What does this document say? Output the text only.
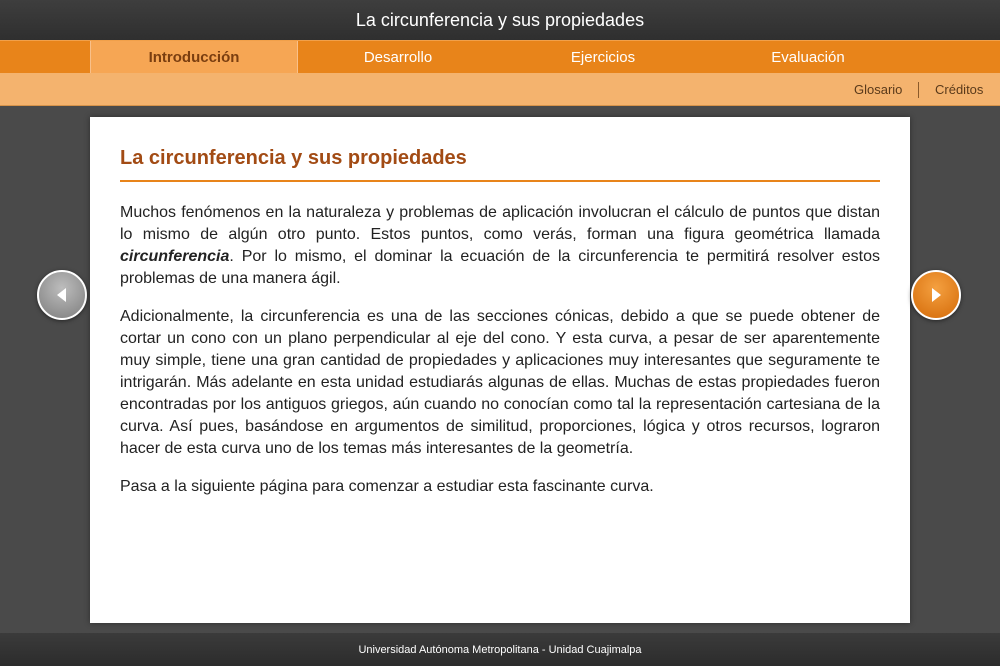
La circunferencia y sus propiedades
Introducción	Desarrollo	Ejercicios	Evaluación
Glosario	Créditos
La circunferencia y sus propiedades

Muchos fenómenos en la naturaleza y problemas de aplicación involucran el cálculo de puntos que distan lo mismo de algún otro punto. Estos puntos, como verás, forman una figura geométrica llamada circunferencia. Por lo mismo, el dominar la ecuación de la circunferencia te permitirá resolver estos problemas de una manera ágil.

Adicionalmente, la circunferencia es una de las secciones cónicas, debido a que se puede obtener de cortar un cono con un plano perpendicular al eje del cono. Y esta curva, a pesar de ser aparentemente muy simple, tiene una gran cantidad de propiedades y aplicaciones muy interesantes que seguramente te intrigarán. Más adelante en esta unidad estudiarás algunas de ellas. Muchas de estas propiedades fueron encontradas por los antiguos griegos, aún cuando no conocían como tal la representación cartesiana de la curva. Así pues, basándose en argumentos de similitud, proporciones, lógica y otros recursos, lograron hacer de esta curva uno de los temas más interesantes de la geometría.

Pasa a la siguiente página para comenzar a estudiar esta fascinante curva.

Universidad Autónoma Metropolitana - Unidad Cuajimalpa
